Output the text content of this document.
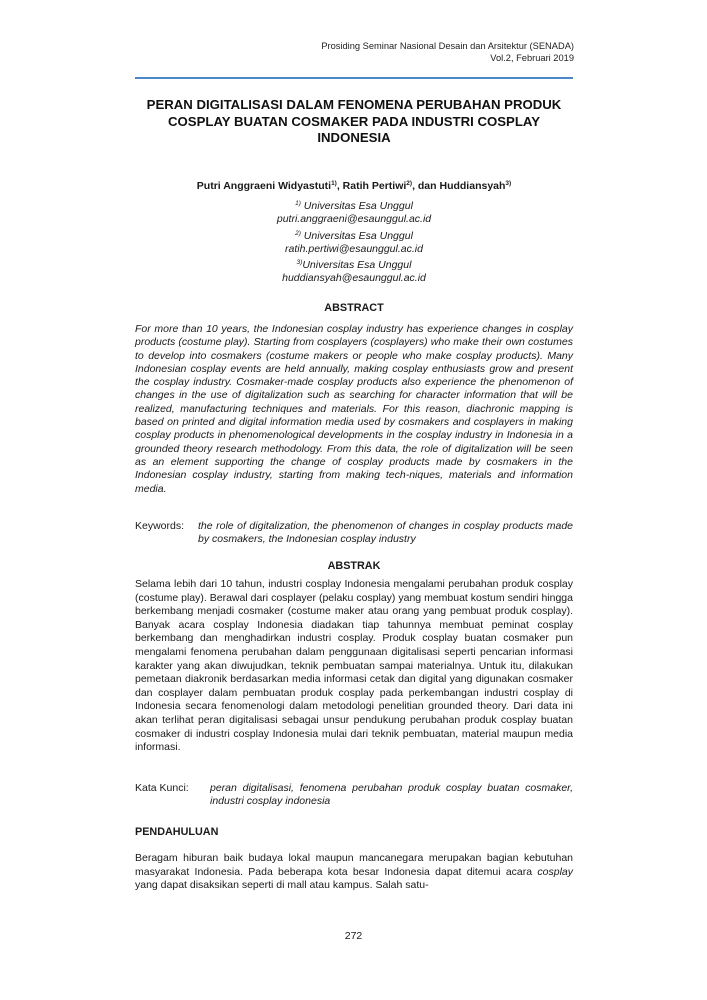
Prosiding Seminar Nasional Desain dan Arsitektur (SENADA)
Vol.2, Februari 2019
PERAN DIGITALISASI DALAM FENOMENA PERUBAHAN PRODUK COSPLAY BUATAN COSMAKER PADA INDUSTRI COSPLAY INDONESIA
Putri Anggraeni Widyastuti$^{1)}$, Ratih Pertiwi$^{2)}$, dan Huddiansyah$^{3)}$
$^{1)}$ Universitas Esa Unggul
putri.anggraeni@esaunggul.ac.id
$^{2)}$ Universitas Esa Unggul
ratih.pertiwi@esaunggul.ac.id
$^{3)}$Universitas Esa Unggul
huddiansyah@esaunggul.ac.id
ABSTRACT
For more than 10 years, the Indonesian cosplay industry has experience changes in cosplay products (costume play). Starting from cosplayers (cosplayers) who make their own costumes to develop into cosmakers (costume makers or people who make cosplay products). Many Indonesian cosplay events are held annually, making cosplay enthusiasts grow and present the cosplay industry. Cosmaker-made cosplay products also experience the phenomenon of changes in the use of digitalization such as searching for character information that will be realized, manufacturing techniques and materials. For this reason, diachronic mapping is based on printed and digital information media used by cosmakers and cosplayers in making cosplay products in phenomenological developments in the cosplay industry in Indonesia in a grounded theory research methodology. From this data, the role of digitalization will be seen as an element supporting the change of cosplay products made by cosmakers in the Indonesian cosplay industry, starting from making tech-niques, materials and information media.
Keywords:	the role of digitalization, the phenomenon of changes in cosplay products made by cosmakers, the Indonesian cosplay industry
ABSTRAK
Selama lebih dari 10 tahun, industri cosplay Indonesia mengalami perubahan produk cosplay (costume play). Berawal dari cosplayer (pelaku cosplay) yang membuat kostum sendiri hingga berkembang menjadi cosmaker (costume maker atau orang yang pembuat produk cosplay). Banyak acara cosplay Indonesia diadakan tiap tahunnya membuat peminat cosplay berkembang dan menghadirkan industri cosplay. Produk cosplay buatan cosmaker pun mengalami fenomena perubahan dalam penggunaan digitalisasi seperti pencarian informasi karakter yang akan diwujudkan, teknik pembuatan sampai materialnya. Untuk itu, dilakukan pemetaan diakronik berdasarkan media informasi cetak dan digital yang digunakan cosmaker dan cosplayer dalam pembuatan produk cosplay pada perkembangan industri cosplay di Indonesia secara fenomenologi dalam metodologi penelitian grounded theory. Dari data ini akan terlihat peran digitalisasi sebagai unsur pendukung perubahan produk cosplay buatan cosmaker di industri cosplay Indonesia mulai dari teknik pembuatan, material maupun media informasi.
Kata Kunci:	peran digitalisasi, fenomena perubahan produk cosplay buatan cosmaker, industri cosplay indonesia
PENDAHULUAN
Beragam hiburan baik budaya lokal maupun mancanegara merupakan bagian kebutuhan masyarakat Indonesia. Pada beberapa kota besar Indonesia dapat ditemui acara cosplay yang dapat disaksikan seperti di mall atau kampus. Salah satu-
272
